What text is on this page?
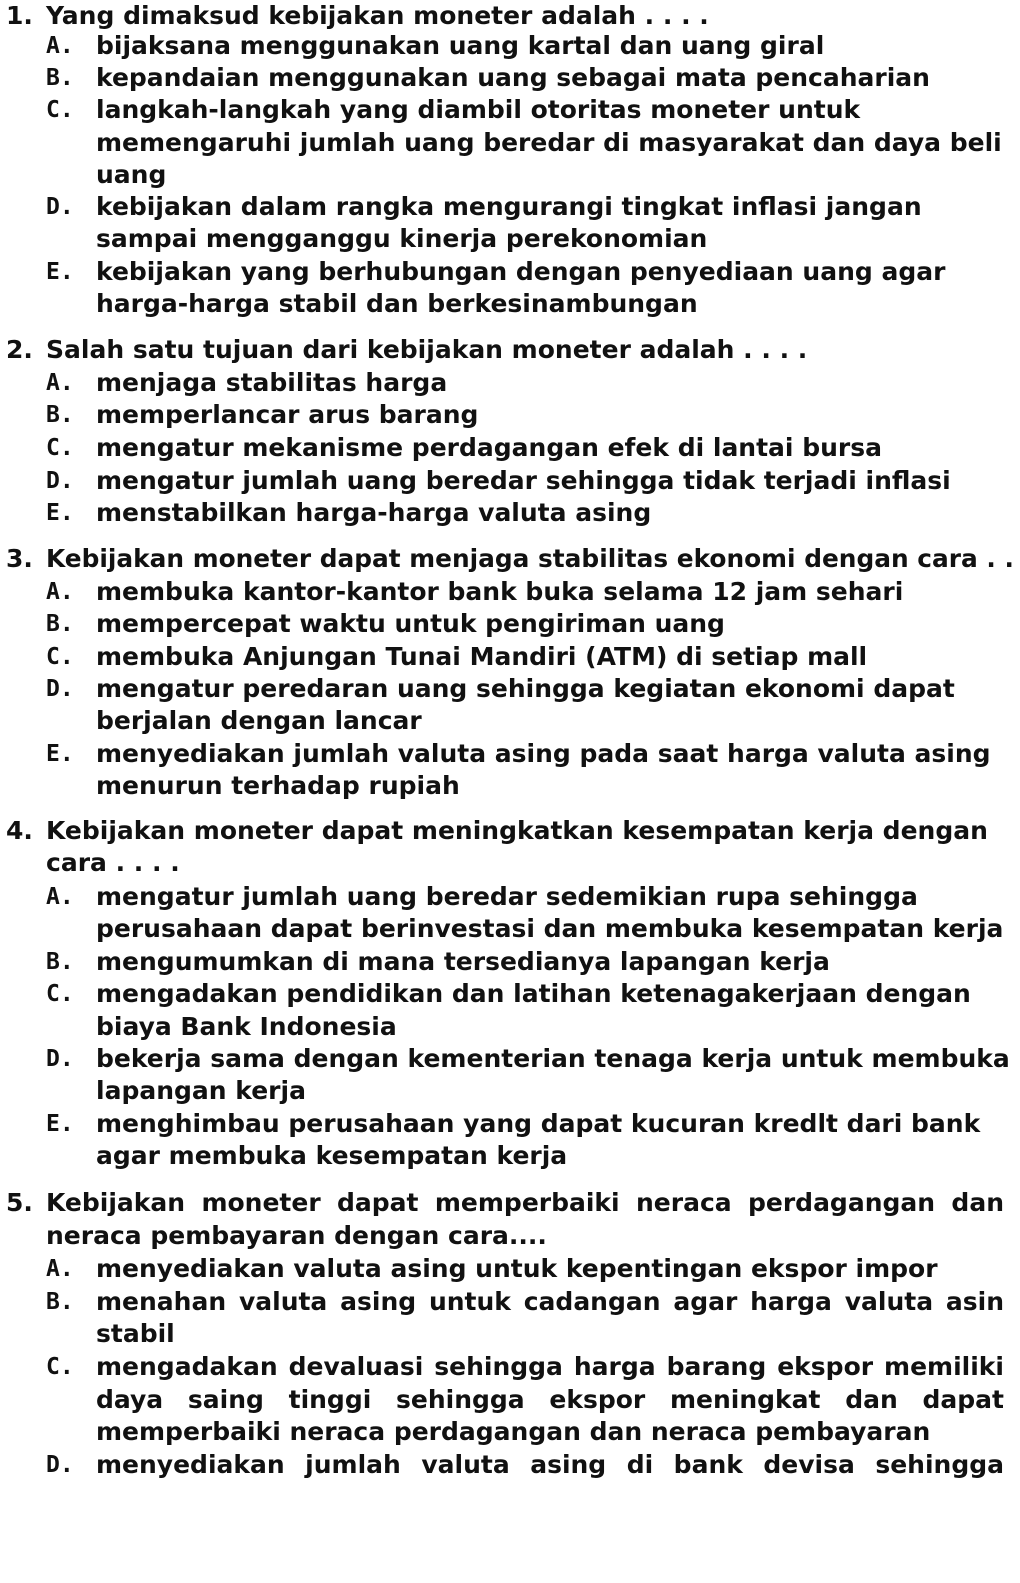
1. Yang dimaksud kebijakan moneter adalah . . . .
A. bijaksana menggunakan uang kartal dan uang giral
B. kepandaian menggunakan uang sebagai mata pencaharian
C. langkah-langkah yang diambil otoritas moneter untuk
memengaruhi jumlah uang beredar di masyarakat dan daya beli
uang
D. kebijakan dalam rangka mengurangi tingkat inflasi jangan
sampai mengganggu kinerja perekonomian
E. kebijakan yang berhubungan dengan penyediaan uang agar
harga-harga stabil dan berkesinambungan
2. Salah satu tujuan dari kebijakan moneter adalah . . . .
A. menjaga stabilitas harga
B. memperlancar arus barang
C. mengatur mekanisme perdagangan efek di lantai bursa
D. mengatur jumlah uang beredar sehingga tidak terjadi inflasi
E. menstabilkan harga-harga valuta asing
3. Kebijakan moneter dapat menjaga stabilitas ekonomi dengan cara . .
A. membuka kantor-kantor bank buka selama 12 jam sehari
B. mempercepat waktu untuk pengiriman uang
C. membuka Anjungan Tunai Mandiri (ATM) di setiap mall
D. mengatur peredaran uang sehingga kegiatan ekonomi dapat
berjalan dengan lancar
E. menyediakan jumlah valuta asing pada saat harga valuta asing
menurun terhadap rupiah
4. Kebijakan moneter dapat meningkatkan kesempatan kerja dengan
cara . . . .
A. mengatur jumlah uang beredar sedemikian rupa sehingga
perusahaan dapat berinvestasi dan membuka kesempatan kerja
B. mengumumkan di mana tersedianya lapangan kerja
C. mengadakan pendidikan dan latihan ketenagakerjaan dengan
biaya Bank Indonesia
D. bekerja sama dengan kementerian tenaga kerja untuk membuka
lapangan kerja
E. menghimbau perusahaan yang dapat kucuran kredlt dari bank
agar membuka kesempatan kerja
5. Kebijakan moneter dapat memperbaiki neraca perdagangan dan
neraca pembayaran dengan cara....
A. menyediakan valuta asing untuk kepentingan ekspor impor
B. menahan valuta asing untuk cadangan agar harga valuta asin
stabil
C. mengadakan devaluasi sehingga harga barang ekspor memiliki
daya saing tinggi sehingga ekspor meningkat dan dapat
memperbaiki neraca perdagangan dan neraca pembayaran
D. menyediakan jumlah valuta asing di bank devisa sehingga
